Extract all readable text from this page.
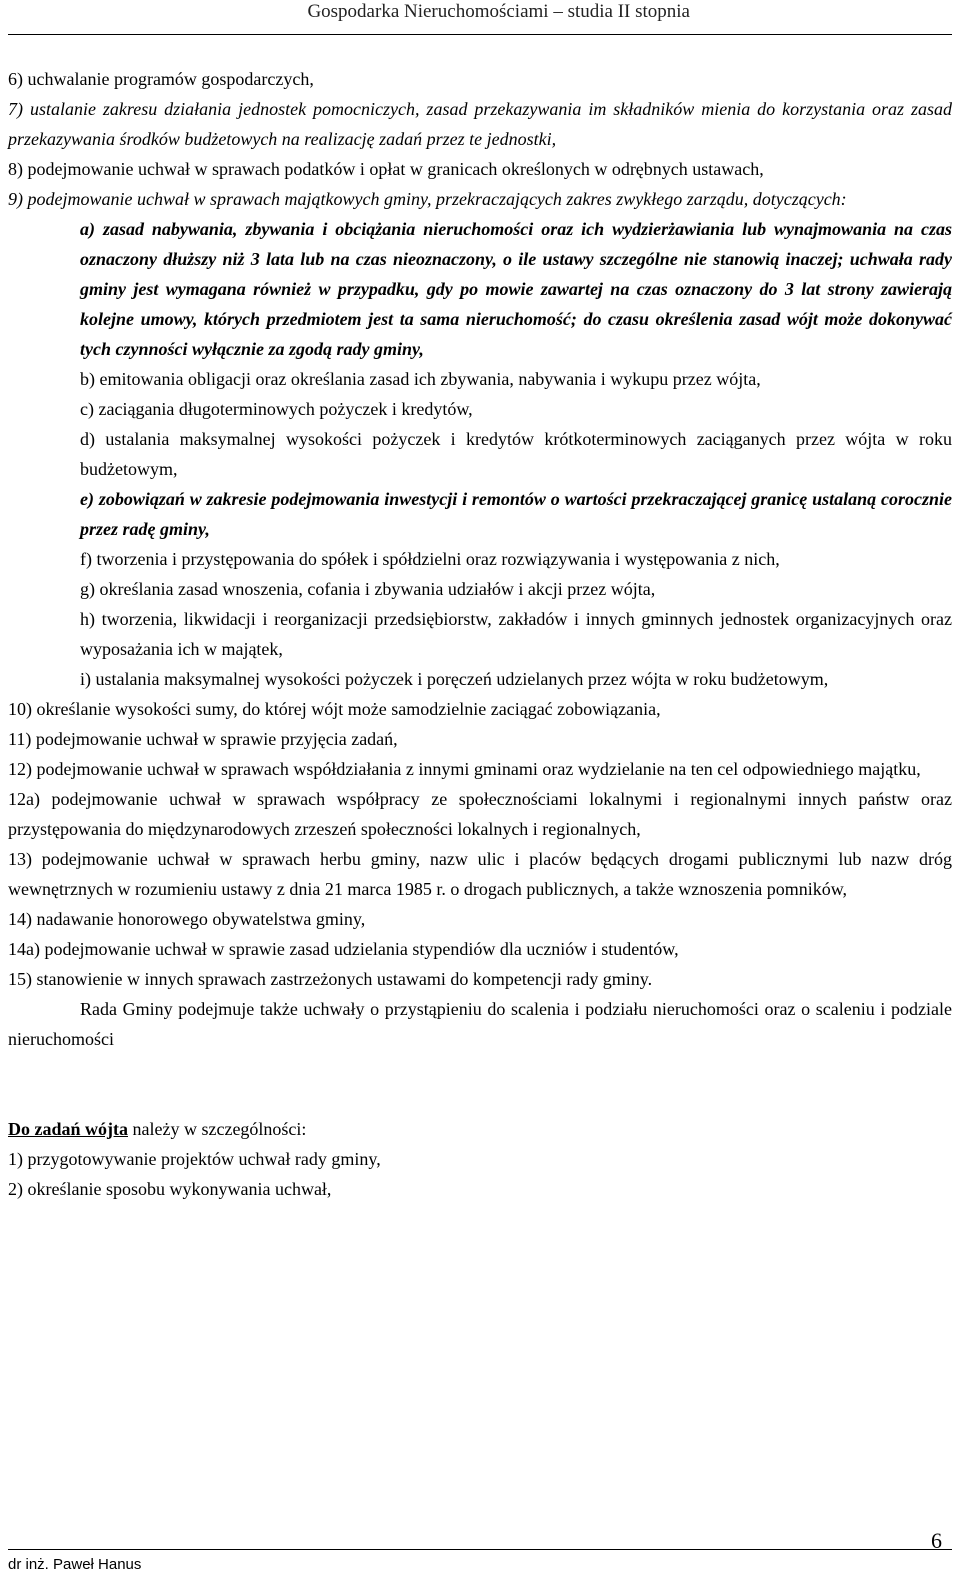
Gospodarka Nieruchomościami – studia II stopnia

6) uchwalanie programów gospodarczych,

7) ustalanie zakresu działania jednostek pomocniczych, zasad przekazywania im składników mienia do korzystania oraz zasad przekazywania środków budżetowych na realizację zadań przez te jednostki,

8) podejmowanie uchwał w sprawach podatków i opłat w granicach określonych w odrębnych ustawach,

9) podejmowanie uchwał w sprawach majątkowych gminy, przekraczających zakres zwykłego zarządu, dotyczących:

a) zasad nabywania, zbywania i obciążania nieruchomości oraz ich wydzierżawiania lub wynajmowania na czas oznaczony dłuższy niż 3 lata lub na czas nieoznaczony, o ile ustawy szczególne nie stanowią inaczej; uchwała rady gminy jest wymagana również w przypadku, gdy po mowie zawartej na czas oznaczony do 3 lat strony zawierają kolejne umowy, których przedmiotem jest ta sama nieruchomość; do czasu określenia zasad wójt może dokonywać tych czynności wyłącznie za zgodą rady gminy,

b) emitowania obligacji oraz określania zasad ich zbywania, nabywania i wykupu przez wójta,

c) zaciągania długoterminowych pożyczek i kredytów,

d) ustalania maksymalnej wysokości pożyczek i kredytów krótkoterminowych zaciąganych przez wójta w roku budżetowym,

e) zobowiązań w zakresie podejmowania inwestycji i remontów o wartości przekraczającej granicę ustalaną corocznie przez radę gminy,

f) tworzenia i przystępowania do spółek i spółdzielni oraz rozwiązywania i występowania z nich,

g) określania zasad wnoszenia, cofania i zbywania udziałów i akcji przez wójta,

h) tworzenia, likwidacji i reorganizacji przedsiębiorstw, zakładów i innych gminnych jednostek organizacyjnych oraz wyposażania ich w majątek,

i) ustalania maksymalnej wysokości pożyczek i poręczeń udzielanych przez wójta w roku budżetowym,

10) określanie wysokości sumy, do której wójt może samodzielnie zaciągać zobowiązania,

11) podejmowanie uchwał w sprawie przyjęcia zadań,

12) podejmowanie uchwał w sprawach współdziałania z innymi gminami oraz wydzielanie na ten cel odpowiedniego majątku,

12a) podejmowanie uchwał w sprawach współpracy ze społecznościami lokalnymi i regionalnymi innych państw oraz przystępowania do międzynarodowych zrzeszeń społeczności lokalnych i regionalnych,

13) podejmowanie uchwał w sprawach herbu gminy, nazw ulic i placów będących drogami publicznymi lub nazw dróg wewnętrznych w rozumieniu ustawy z dnia 21 marca 1985 r. o drogach publicznych, a także wznoszenia pomników,

14) nadawanie honorowego obywatelstwa gminy,

14a) podejmowanie uchwał w sprawie zasad udzielania stypendiów dla uczniów i studentów,

15) stanowienie w innych sprawach zastrzeżonych ustawami do kompetencji rady gminy.

Rada Gminy podejmuje także uchwały o przystąpieniu do scalenia i podziału nieruchomości oraz o scaleniu i podziale nieruchomości

Do zadań wójta należy w szczególności:

1) przygotowywanie projektów uchwał rady gminy,

2) określanie sposobu wykonywania uchwał,

dr inż. Paweł Hanus
6
